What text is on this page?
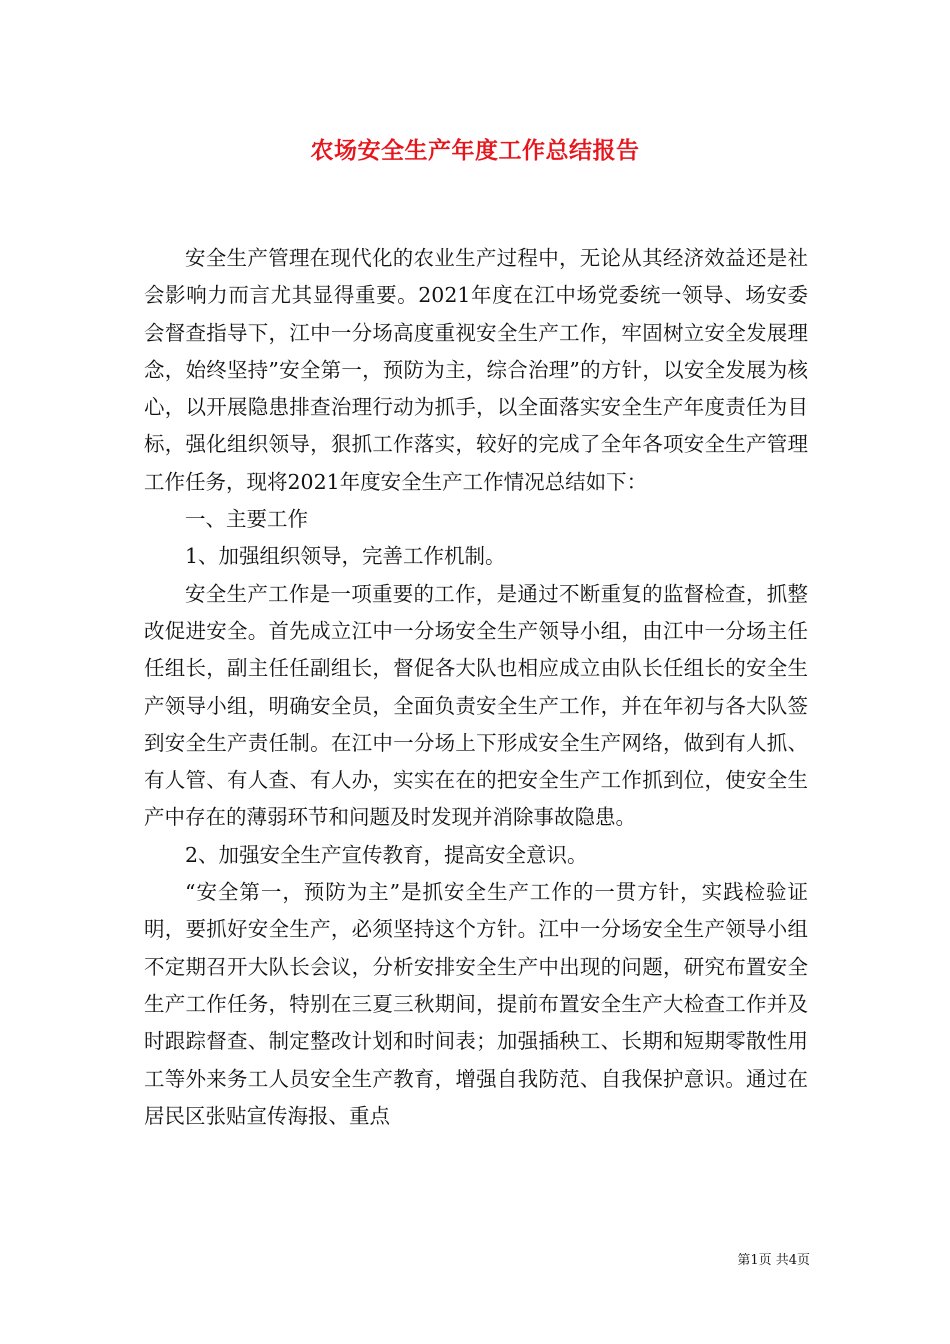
农场安全生产年度工作总结报告

安全生产管理在现代化的农业生产过程中，无论从其经济效益还是社会影响力而言尤其显得重要。2021年度在江中场党委统一领导、场安委会督查指导下，江中一分场高度重视安全生产工作，牢固树立安全发展理念，始终坚持”安全第一，预防为主，综合治理”的方针，以安全发展为核心，以开展隐患排查治理行动为抓手，以全面落实安全生产年度责任为目标，强化组织领导，狠抓工作落实，较好的完成了全年各项安全生产管理工作任务，现将2021年度安全生产工作情况总结如下：

一、主要工作

1、加强组织领导，完善工作机制。

安全生产工作是一项重要的工作，是通过不断重复的监督检查，抓整改促进安全。首先成立江中一分场安全生产领导小组，由江中一分场主任任组长，副主任任副组长，督促各大队也相应成立由队长任组长的安全生产领导小组，明确安全员，全面负责安全生产工作，并在年初与各大队签到安全生产责任制。在江中一分场上下形成安全生产网络，做到有人抓、有人管、有人查、有人办，实实在在的把安全生产工作抓到位，使安全生产中存在的薄弱环节和问题及时发现并消除事故隐患。

2、加强安全生产宣传教育，提高安全意识。

“安全第一，预防为主”是抓安全生产工作的一贯方针，实践检验证明，要抓好安全生产，必须坚持这个方针。江中一分场安全生产领导小组不定期召开大队长会议，分析安排安全生产中出现的问题，研究布置安全生产工作任务，特别在三夏三秋期间，提前布置安全生产大检查工作并及时跟踪督查、制定整改计划和时间表；加强插秧工、长期和短期零散性用工等外来务工人员安全生产教育，增强自我防范、自我保护意识。通过在居民区张贴宣传海报、重点

第1页 共4页
